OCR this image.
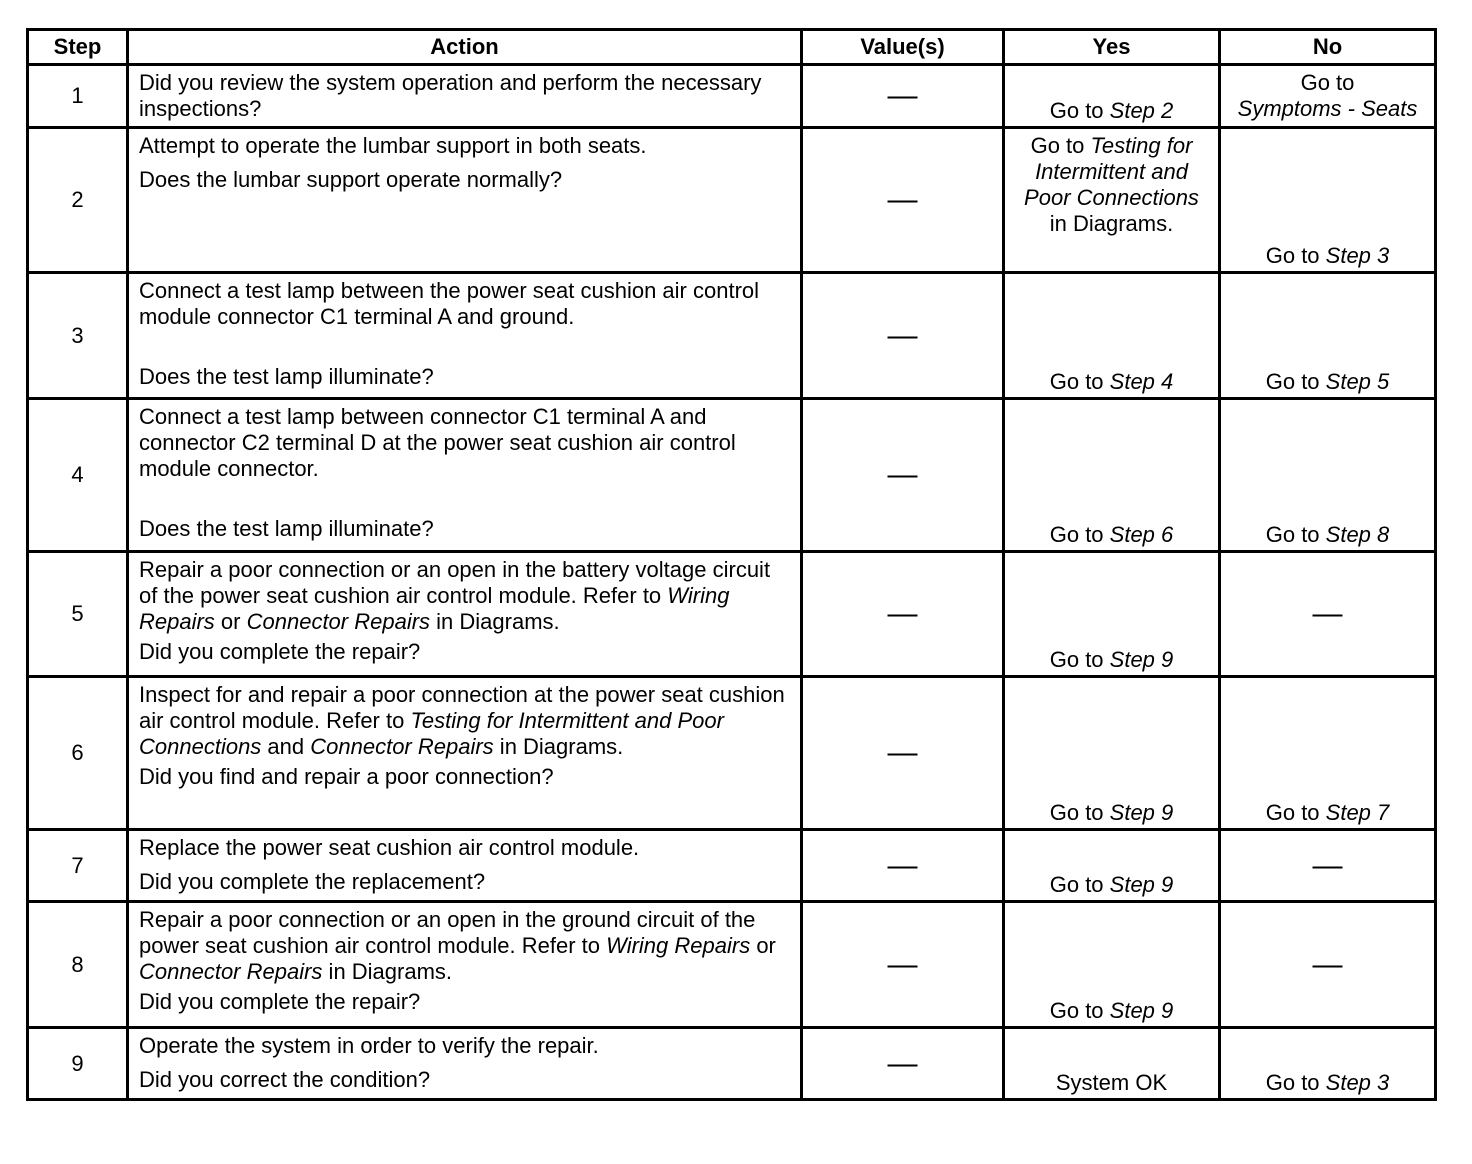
Step	Action	Value(s)	Yes	No
1	Did you review the system operation and perform the necessary inspections?	—	Go to Step 2	Go to
Symptoms - Seats

2	Attempt to operate the lumbar support in both seats.

Does the lumbar support operate normally?	—	Go to Testing for Intermittent and Poor Connections in Diagrams.	Go to Step 3

3	Connect a test lamp between the power seat cushion air control module connector C1 terminal A and ground.

Does the test lamp illuminate?	—	Go to Step 4	Go to Step 5

4	Connect a test lamp between connector C1 terminal A and connector C2 terminal D at the power seat cushion air control module connector.

Does the test lamp illuminate?	—	Go to Step 6	Go to Step 8

5	Repair a poor connection or an open in the battery voltage circuit of the power seat cushion air control module. Refer to Wiring Repairs or Connector Repairs in Diagrams.

Did you complete the repair?	—	Go to Step 9	—

6	Inspect for and repair a poor connection at the power seat cushion air control module. Refer to Testing for Intermittent and Poor Connections and Connector Repairs in Diagrams.

Did you find and repair a poor connection?	—	Go to Step 9	Go to Step 7

7	Replace the power seat cushion air control module.

Did you complete the replacement?	—	Go to Step 9	—

8	Repair a poor connection or an open in the ground circuit of the power seat cushion air control module. Refer to Wiring Repairs or Connector Repairs in Diagrams.

Did you complete the repair?	—	Go to Step 9	—

9	Operate the system in order to verify the repair.

Did you correct the condition?	—	System OK	Go to Step 3
